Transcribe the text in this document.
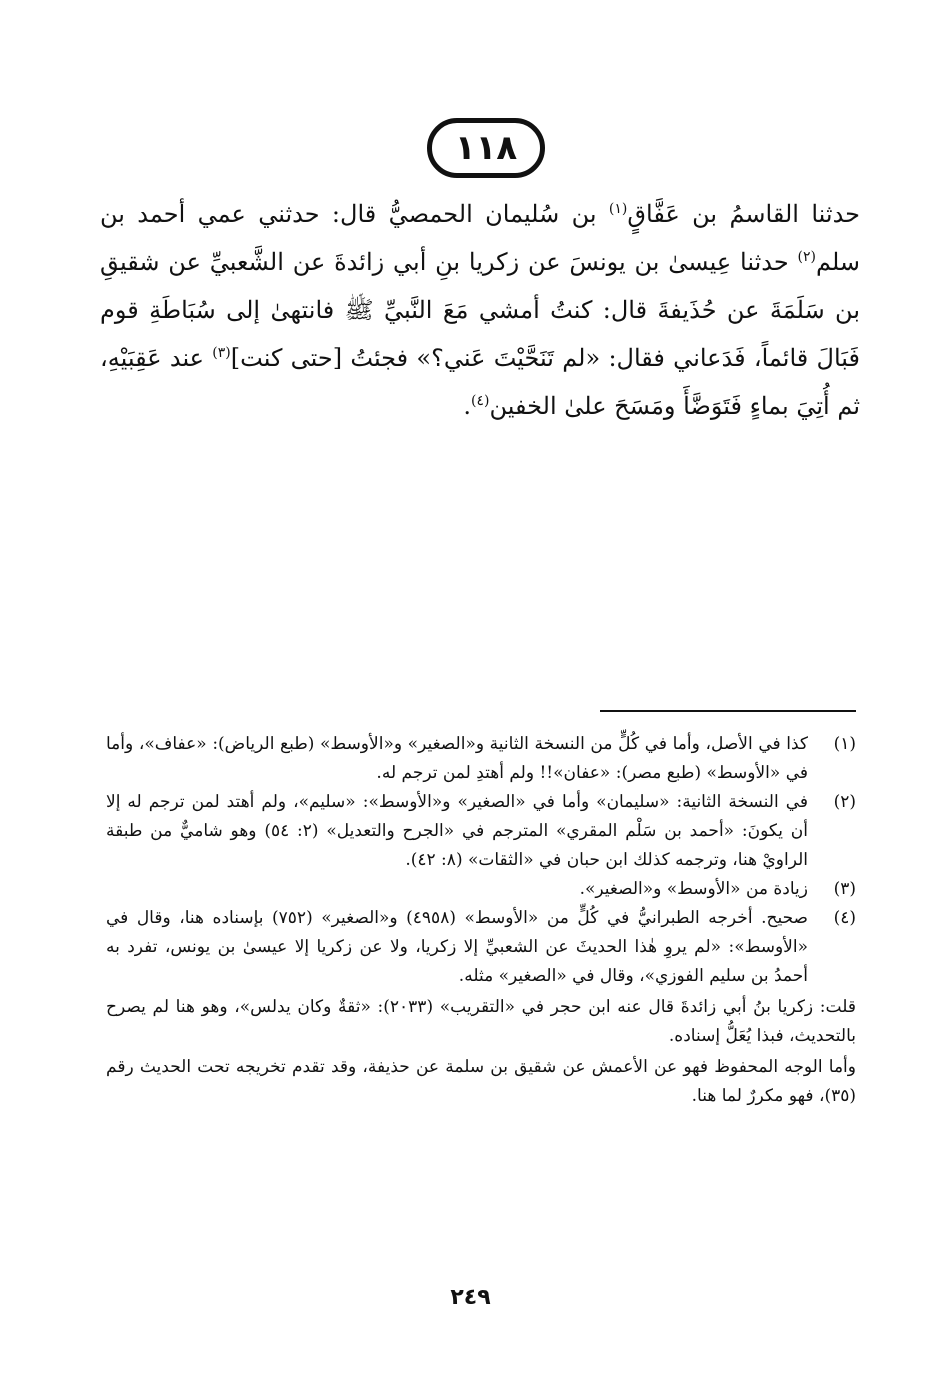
١١٨

حدثنا القاسمُ بن عَفَّاقٍ$^{(١)}$ بن سُليمان الحمصيُّ قال: حدثني عمي أحمد بن سلم$^{(٢)}$ حدثنا عِيسىٰ بن يونسَ عن زكريا بنِ أبي زائدةَ عن الشَّعبيِّ عن شقيقِ بن سَلَمَةَ عن حُذَيفةَ قال: كنتُ أمشي مَعَ النَّبيِّ ﷺ فانتهىٰ إلى سُبَاطَةِ قوم فَبَالَ قائماً، فَدَعاني فقال: «لم تَنَحَّيْتَ عَني؟» فجئتُ [حتى كنت]$^{(٣)}$ عند عَقِبَيْهِ، ثم أُتِيَ بماءٍ فَتَوَضَّأَ ومَسَحَ علىٰ الخفين$^{(٤)}$.

(١)

كذا في الأصل، وأما في كُلٍّ من النسخة الثانية و«الصغير» و«الأوسط» (طبع الرياض): «عفاف»، وأما في «الأوسط» (طبع مصر): «عفان»!! ولم أهتدِ لمن ترجم له.

(٢)

في النسخة الثانية: «سليمان» وأما في «الصغير» و«الأوسط»: «سليم»، ولم أهتد لمن ترجم له إلا أن يكونَ: «أحمد بن سَلْم المقري» المترجم في «الجرح والتعديل» (٢: ٥٤) وهو شاميٌّ من طبقة الراويْ هنا، وترجمه كذلك ابن حبان في «الثقات» (٨: ٤٢).

(٣)

زيادة من «الأوسط» و«الصغير».

(٤)

صحيح. أخرجه الطبرانيُّ في كُلٍّ من «الأوسط» (٤٩٥٨) و«الصغير» (٧٥٢) بإسناده هنا، وقال في «الأوسط»: «لم يروِ هٰذا الحديثَ عن الشعبيِّ إلا زكريا، ولا عن زكريا إلا عيسىٰ بن يونس، تفرد به أحمدُ بن سليم الفوزي»، وقال في «الصغير» مثله.

قلت: زكريا بنُ أبي زائدةَ قال عنه ابن حجر في «التقريب» (٢٠٣٣): «ثقةٌ وكان يدلس»، وهو هنا لم يصرح بالتحديث، فبذا يُعَلُّ إسناده.

وأما الوجه المحفوظ فهو عن الأعمش عن شقيق بن سلمة عن حذيفة، وقد تقدم تخريجه تحت الحديث رقم (٣٥)، فهو مكررٌ لما هنا.

٢٤٩
